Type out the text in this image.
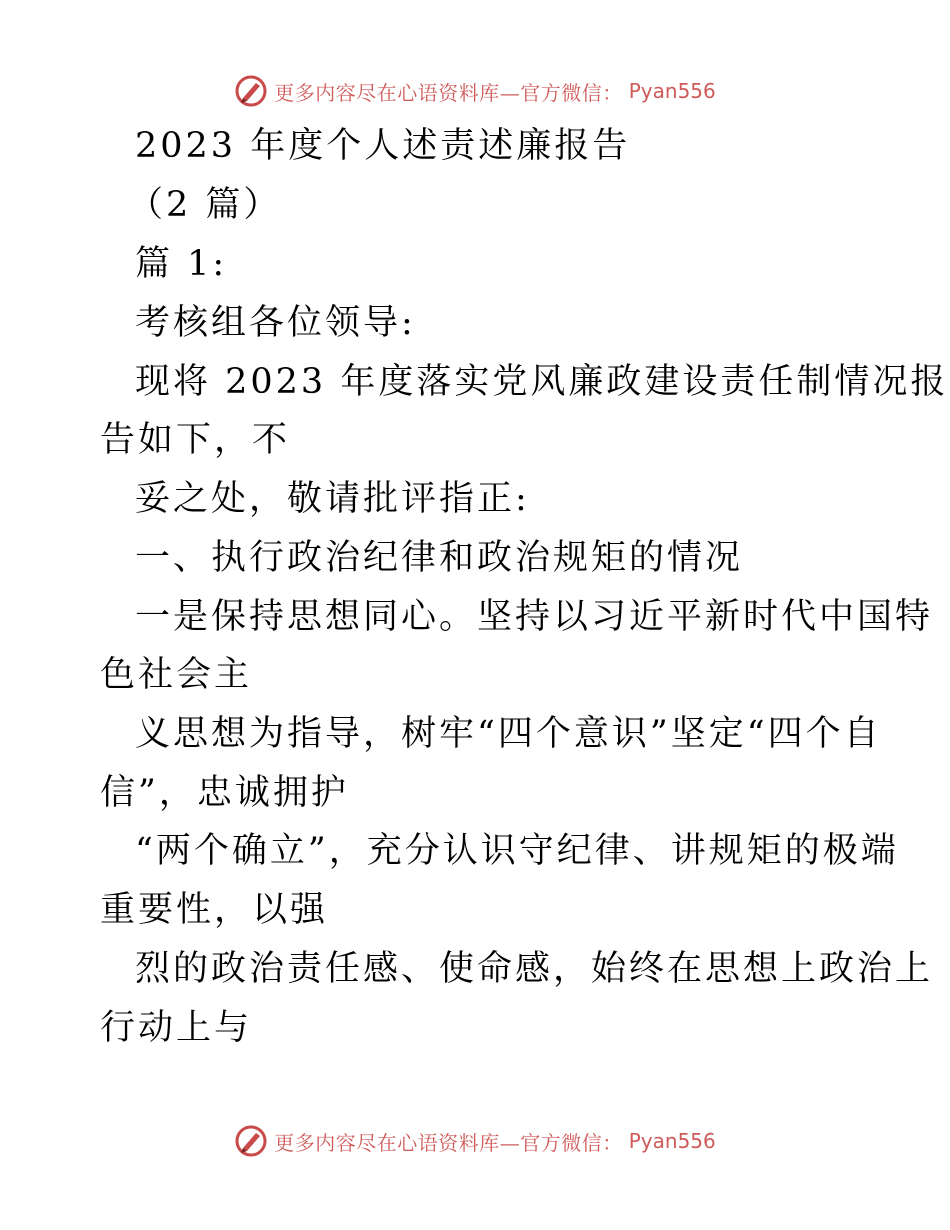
更多内容尽在心语资料库—官方微信： Pyan556
2023 年度个人述责述廉报告
（2 篇）
篇 1:
考核组各位领导:
现将 2023 年度落实党风廉政建设责任制情况报
告如下，不
妥之处，敬请批评指正:
一、执行政治纪律和政治规矩的情况
一是保持思想同心。坚持以习近平新时代中国特
色社会主
义思想为指导，树牢“四个意识”坚定“四个自
信”，忠诚拥护
“两个确立”，充分认识守纪律、讲规矩的极端
重要性，以强
烈的政治责任感、使命感，始终在思想上政治上
行动上与
更多内容尽在心语资料库—官方微信： Pyan556
